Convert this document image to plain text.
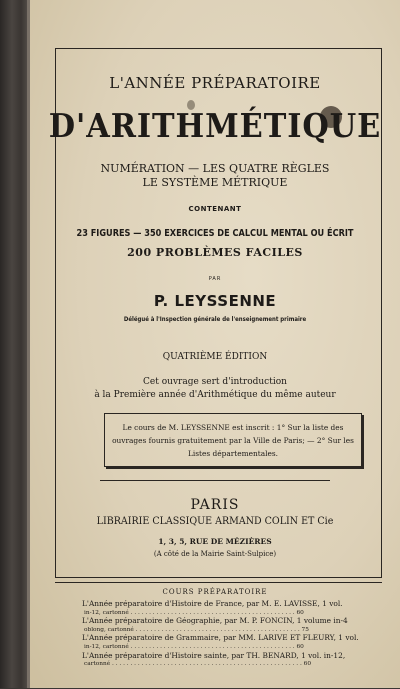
L'ANNÉE PRÉPARATOIRE
D'ARITHMÉTIQUE
NUMÉRATION — LES QUATRE RÈGLES
LE SYSTÈME MÉTRIQUE
CONTENANT
23 FIGURES — 350 EXERCICES DE CALCUL MENTAL OU ÉCRIT
200 PROBLÈMES FACILES
PAR
P. LEYSSENNE
Délégué à l'Inspection générale de l'enseignement primaire
QUATRIÈME ÉDITION
Cet ouvrage sert d'introduction
à la Première année d'Arithmétique du même auteur
Le cours de M. LEYSSENNE est inscrit : 1° Sur la liste des ouvrages fournis gratuitement par la Ville de Paris; — 2° Sur les Listes départementales.
PARIS
LIBRAIRIE CLASSIQUE ARMAND COLIN ET Cie
1, 3, 5, RUE DE MÉZIÈRES
(A côté de la Mairie Saint-Sulpice)
COURS PRÉPARATOIRE
L'Année préparatoire d'Histoire de France, par M. E. LAVISSE, 1 vol.
in-12, cartonné . . . . . . . . . . . . . . . . . . . . . . . . . . . . . . . . . . . . . . . . . . . . . 60
L'Année préparatoire de Géographie, par M. P. FONCIN, 1 volume in-4
oblong, cartonné . . . . . . . . . . . . . . . . . . . . . . . . . . . . . . . . . . . . . . . . . . . . . 75
L'Année préparatoire de Grammaire, par MM. LARIVE ET FLEURY, 1 vol.
in-12, cartonné . . . . . . . . . . . . . . . . . . . . . . . . . . . . . . . . . . . . . . . . . . . . . 60
L'Année préparatoire d'Histoire sainte, par TH. BÉNARD, 1 vol. in-12,
cartonné . . . . . . . . . . . . . . . . . . . . . . . . . . . . . . . . . . . . . . . . . . . . . . . . . . . . 60
